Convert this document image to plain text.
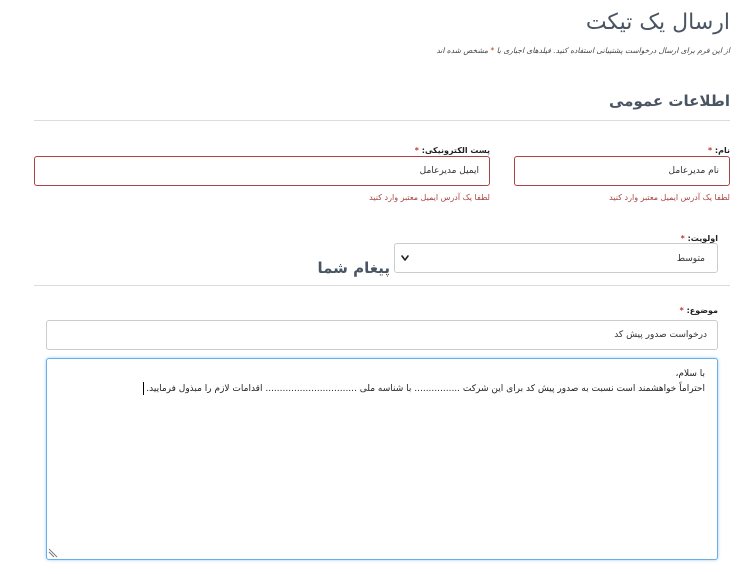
ارسال یک تیکت
از این فرم برای ارسال درخواست پشتیبانی استفاده کنید. فیلدهای اجباری با * مشخص شده اند
اطلاعات عمومی
نام: *
نام مدیرعامل
لطفا یک آدرس ایمیل معتبر وارد کنید
پست الکترونیکی: *
ایمیل مدیرعامل
لطفا یک آدرس ایمیل معتبر وارد کنید
اولویت: *
متوسط
پیغام شما
موضوع: *
درخواست صدور پیش کد
با سلام،
احتراماً خواهشمند است نسبت به صدور پیش کد برای این شرکت ................ با شناسه ملی ................................ اقدامات لازم را مبذول فرمایید.
